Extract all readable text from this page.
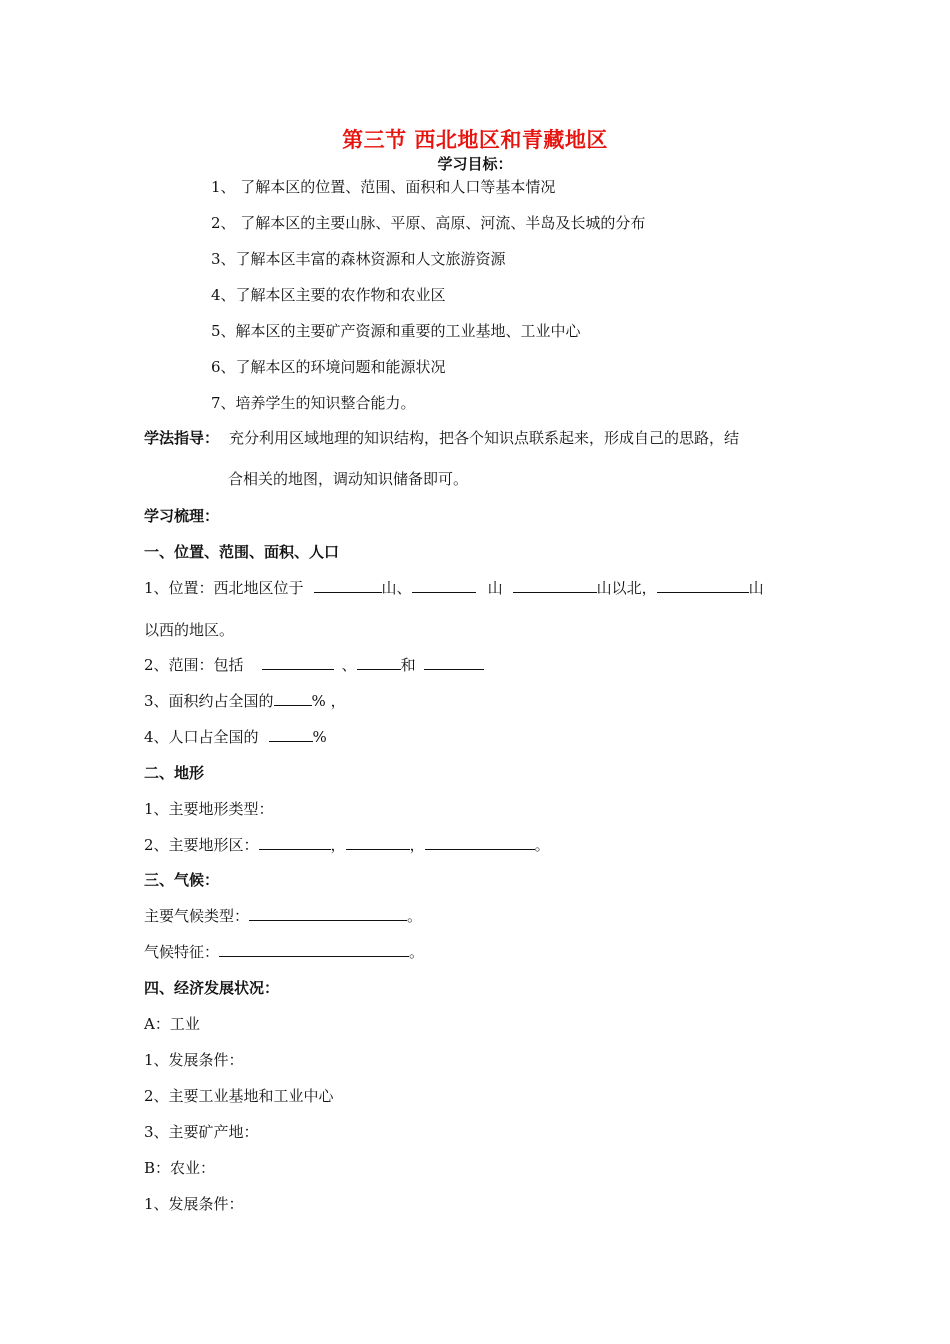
第三节 西北地区和青藏地区
学习目标：
1、 了解本区的位置、范围、面积和人口等基本情况
2、 了解本区的主要山脉、平原、高原、河流、半岛及长城的分布
3、了解本区丰富的森林资源和人文旅游资源
4、了解本区主要的农作物和农业区
5、解本区的主要矿产资源和重要的工业基地、工业中心
6、了解本区的环境问题和能源状况
7、培养学生的知识整合能力。
学法指导： 充分利用区域地理的知识结构，把各个知识点联系起来，形成自己的思路，结
合相关的地图，调动知识储备即可。
学习梳理：
一、位置、范围、面积、人口
1、位置：西北地区位于	山、	山	山以北，	山
以西的地区。
2、范围：包括	、	和
3、面积约占全国的	% ，
4、人口占全国的	%
二、地形
1、主要地形类型：
2、主要地形区：	，	，	。
三、气候：
主要气候类型：	。
气候特征：	。
四、经济发展状况：
A：工业
1、发展条件：
2、主要工业基地和工业中心
3、主要矿产地：
B：农业：
1、发展条件：
